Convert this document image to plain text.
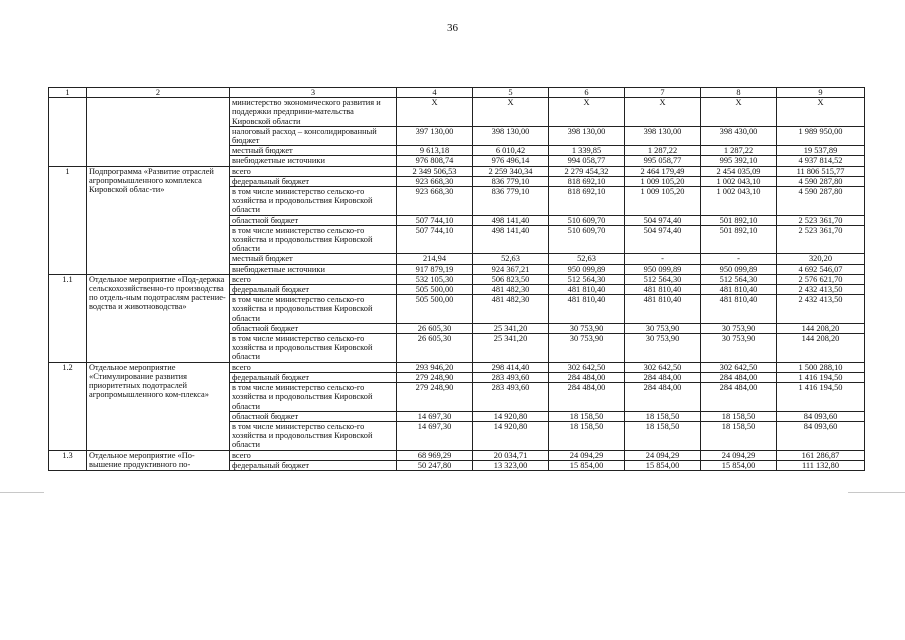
36
1	2	3	4	5	6	7	8	9
		министерство экономического развития и поддержки предприни-мательства Кировской области	Х	Х	Х	Х	Х	Х
		налоговый расход – консолидированный бюджет	397 130,00	398 130,00	398 130,00	398 130,00	398 430,00	1 989 950,00
		местный бюджет	9 613,18	6 010,42	1 339,85	1 287,22	1 287,22	19 537,89
		внебюджетные источники	976 808,74	976 496,14	994 058,77	995 058,77	995 392,10	4 937 814,52
1	Подпрограмма «Развитие отраслей агропромышленного комплекса Кировской облас-ти»	всего	2 349 506,53	2 259 340,34	2 279 454,32	2 464 179,49	2 454 035,09	11 806 515,77
		федеральный бюджет	923 668,30	836 779,10	818 692,10	1 009 105,20	1 002 043,10	4 590 287,80
		в том числе министерство сельско-го хозяйства и продовольствия Кировской области	923 668,30	836 779,10	818 692,10	1 009 105,20	1 002 043,10	4 590 287,80
		областной бюджет	507 744,10	498 141,40	510 609,70	504 974,40	501 892,10	2 523 361,70
		в том числе министерство сельско-го хозяйства и продовольствия Кировской области	507 744,10	498 141,40	510 609,70	504 974,40	501 892,10	2 523 361,70
		местный бюджет	214,94	52,63	52,63	-	-	320,20
		внебюджетные источники	917 879,19	924 367,21	950 099,89	950 099,89	950 099,89	4 692 546,07
1.1	Отдельное мероприятие «Под-держка сельскохозяйственно-го производства по отдель-ным подотраслям растение-водства и животноводства»	всего	532 105,30	506 823,50	512 564,30	512 564,30	512 564,30	2 576 621,70
		федеральный бюджет	505 500,00	481 482,30	481 810,40	481 810,40	481 810,40	2 432 413,50
		в том числе министерство сельско-го хозяйства и продовольствия Кировской области	505 500,00	481 482,30	481 810,40	481 810,40	481 810,40	2 432 413,50
		областной бюджет	26 605,30	25 341,20	30 753,90	30 753,90	30 753,90	144 208,20
		в том числе министерство сельско-го хозяйства и продовольствия Кировской области	26 605,30	25 341,20	30 753,90	30 753,90	30 753,90	144 208,20
1.2	Отдельное мероприятие «Стимулирование развития приоритетных подотраслей агропромышленного ком-плекса»	всего	293 946,20	298 414,40	302 642,50	302 642,50	302 642,50	1 500 288,10
		федеральный бюджет	279 248,90	283 493,60	284 484,00	284 484,00	284 484,00	1 416 194,50
		в том числе министерство сельско-го хозяйства и продовольствия Кировской области	279 248,90	283 493,60	284 484,00	284 484,00	284 484,00	1 416 194,50
		областной бюджет	14 697,30	14 920,80	18 158,50	18 158,50	18 158,50	84 093,60
		в том числе министерство сельско-го хозяйства и продовольствия Кировской области	14 697,30	14 920,80	18 158,50	18 158,50	18 158,50	84 093,60
1.3	Отдельное мероприятие «По-вышение продуктивного по-	всего	68 969,29	20 034,71	24 094,29	24 094,29	24 094,29	161 286,87
		федеральный бюджет	50 247,80	13 323,00	15 854,00	15 854,00	15 854,00	111 132,80
